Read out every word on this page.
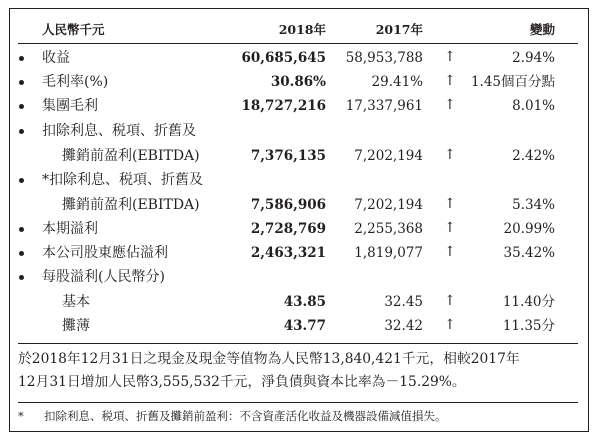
人民幣千元	2018年	2017年	變動
收益	60,685,645 58,953,788 ↑	2.94%
毛利率(%)	30.86%	29.41% ↑ 1.45個百分點
集團毛利	18,727,216 17,337,961 ↑	8.01%
扣除利息、税項、折舊及
攤銷前盈利(EBITDA)	7,376,135 7,202,194 ↑	2.42%
*扣除利息、税項、折舊及
攤銷前盈利(EBITDA)	7,586,906 7,202,194 ↑	5.34%
本期溢利	2,728,769 2,255,368 ↑	20.99%
本公司股東應佔溢利	2,463,321 1,819,077 ↑	35.42%
每股溢利(人民幣分)
基本	43.85	32.45 ↑	11.40分
攤薄	43.77	32.42 ↑	11.35分
於2018年12月31日之現金及現金等值物為人民幣13,840,421千元，相較2017年
12月31日增加人民幣3,555,532千元，淨負債與資本比率為－15.29%。
* 扣除利息、税項、折舊及攤銷前盈利：不含資產活化收益及機器設備減值損失。
